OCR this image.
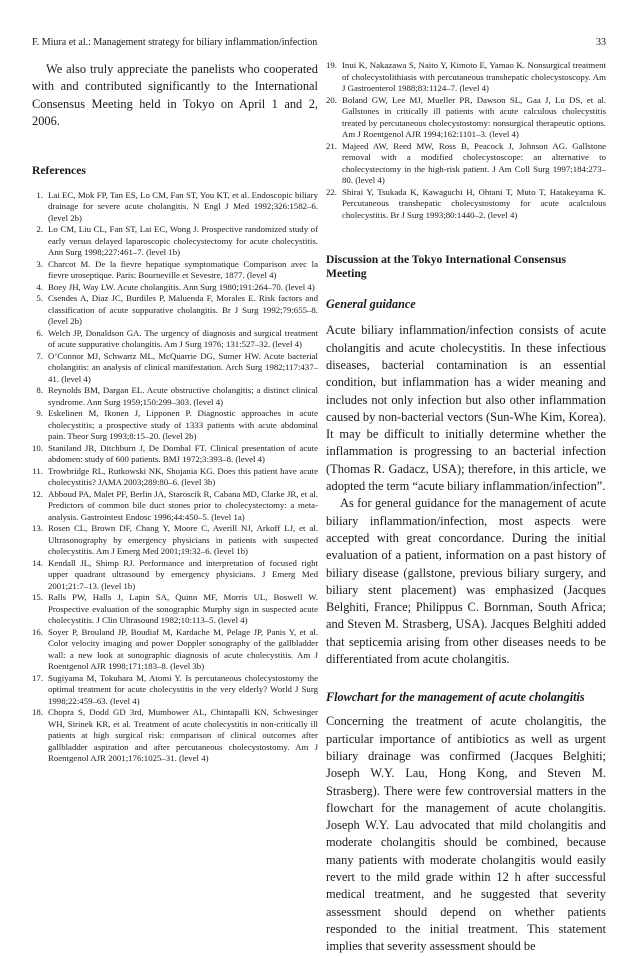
F. Miura et al.: Management strategy for biliary inflammation/infection	33

We also truly appreciate the panelists who cooperated with and contributed significantly to the International Consensus Meeting held in Tokyo on April 1 and 2, 2006.

References
1. Lai EC, Mok FP, Tan ES, Lo CM, Fan ST, You KT, et al. Endoscopic biliary drainage for severe acute cholangitis. N Engl J Med 1992;326:1582–6. (level 2b)
2. Lo CM, Liu CL, Fan ST, Lai EC, Wong J. Prospective randomized study of early versus delayed laparoscopic cholecystectomy for acute cholecystitis. Ann Surg 1998;227:461–7. (level 1b)
3. Charcot M. De la fievre hepatique symptomatique Comparison avec la fievre uroseptique. Paris: Bourneville et Sevestre, 1877. (level 4)
4. Boey JH, Way LW. Acute cholangitis. Ann Surg 1980;191:264–70. (level 4)
5. Csendes A, Diaz JC, Burdiles P, Maluenda F, Morales E. Risk factors and classification of acute suppurative cholangitis. Br J Surg 1992;79:655–8. (level 2b)
6. Welch JP, Donaldson GA. The urgency of diagnosis and surgical treatment of acute suppurative cholangitis. Am J Surg 1976; 131:527–32. (level 4)
7. O’Connor MJ, Schwartz ML, McQuarrie DG, Sumer HW. Acute bacterial cholangitis: an analysis of clinical manifestation. Arch Surg 1982;117:437–41. (level 4)
8. Reynolds BM, Dargan EL. Acute obstructive cholangitis; a distinct clinical syndrome. Ann Surg 1959;150:299–303. (level 4)
9. Eskelinen M, Ikonen J, Lipponen P. Diagnostic approaches in acute cholecystitis; a prospective study of 1333 patients with acute abdominal pain. Theor Surg 1993;8:15–20. (level 2b)
10. Staniland JR, Ditchburn J, De Dombal FT. Clinical presentation of acute abdomen: study of 600 patients. BMJ 1972;3:393–8. (level 4)
11. Trowbridge RL, Rutkowski NK, Shojania KG. Does this patient have acute cholecystitis? JAMA 2003;289:80–6. (level 3b)
12. Abboud PA, Malet PF, Berlin JA, Staroscik R, Cabana MD, Clarke JR, et al. Predictors of common bile duct stones prior to cholecystectomy: a meta-analysis. Gastrointest Endosc 1996;44:450–5. (level 1a)
13. Rosen CL, Brown DF, Chang Y, Moore C, Averill NJ, Arkoff LJ, et al. Ultrasonography by emergency physicians in patients with suspected cholecystitis. Am J Emerg Med 2001;19:32–6. (level 1b)
14. Kendall JL, Shimp RJ. Performance and interpretation of focused right upper quadrant ultrasound by emergency physicians. J Emerg Med 2001;21:7–13. (level 1b)
15. Ralls PW, Halls J, Lapin SA, Quinn MF, Morris UL, Boswell W. Prospective evaluation of the sonographic Murphy sign in suspected acute cholecystitis. J Clin Ultrasound 1982;10:113–5. (level 4)
16. Soyer P, Brouland JP, Boudiaf M, Kardache M, Pelage JP, Panis Y, et al. Color velocity imaging and power Doppler sonography of the gallbladder wall: a new look at sonographic diagnosis of acute cholecystitis. Am J Roentgenol AJR 1998;171:183–8. (level 3b)
17. Sugiyama M, Tokuhara M, Atomi Y. Is percutaneous cholecystostomy the optimal treatment for acute cholecystitis in the very elderly? World J Surg 1998;22:459–63. (level 4)
18. Chopra S, Dodd GD 3rd, Mumbower AL, Chintapalli KN, Schwesinger WH, Sirinek KR, et al. Treatment of acute cholecystitis in non-critically ill patients at high surgical risk: comparison of clinical outcomes after gallbladder aspiration and after percutaneous cholecystostomy. Am J Roentgenol AJR 2001;176:1025–31. (level 4)
19. Inui K, Nakazawa S, Naito Y, Kimoto E, Yamao K. Nonsurgical treatment of cholecystolithiasis with percutaneous transhepatic cholecystoscopy. Am J Gastroenterol 1988;83:1124–7. (level 4)
20. Boland GW, Lee MJ, Mueller PR, Dawson SL, Gaa J, Lu DS, et al. Gallstones in critically ill patients with acute calculous cholecystitis treated by percutaneous cholecystostomy: nonsurgical therapeutic options. Am J Roentgenol AJR 1994;162:1101–3. (level 4)
21. Majeed AW, Reed MW, Ross B, Peacock J, Johnson AG. Gallstone removal with a modified cholecystoscope: an alternative to cholecystectomy in the high-risk patient. J Am Coll Surg 1997;184:273–80. (level 4)
22. Shirai Y, Tsukada K, Kawaguchi H, Ohtani T, Muto T, Hatakeyama K. Percutaneous transhepatic cholecystostomy for acute acalculous cholecystitis. Br J Surg 1993;80:1440–2. (level 4)
Discussion at the Tokyo International Consensus Meeting
General guidance

Acute biliary inflammation/infection consists of acute cholangitis and acute cholecystitis. In these infectious diseases, bacterial contamination is an essential condition, but inflammation has a wider meaning and includes not only infection but also other inflammation caused by non-bacterial vectors (Sun-Whe Kim, Korea). It may be difficult to initially determine whether the inflammation is progressing to an bacterial infection (Thomas R. Gadacz, USA); therefore, in this article, we adopted the term “acute biliary inflammation/infection”.

As for general guidance for the management of acute biliary inflammation/infection, most aspects were accepted with great concordance. During the initial evaluation of a patient, information on a past history of biliary disease (gallstone, previous biliary surgery, and biliary stent placement) was emphasized (Jacques Belghiti, France; Philippus C. Bornman, South Africa; and Steven M. Strasberg, USA). Jacques Belghiti added that septicemia arising from other diseases needs to be differentiated from acute cholangitis.

Flowchart for the management of acute cholangitis

Concerning the treatment of acute cholangitis, the particular importance of antibiotics as well as urgent biliary drainage was confirmed (Jacques Belghiti; Joseph W.Y. Lau, Hong Kong, and Steven M. Strasberg). There were few controversial matters in the flowchart for the management of acute cholangitis. Joseph W.Y. Lau advocated that mild cholangitis and moderate cholangitis should be combined, because many patients with moderate cholangitis would easily revert to the mild grade within 12 h after successful medical treatment, and he suggested that severity assessment should depend on whether patients responded to the initial treatment. This statement implies that severity assessment should be
